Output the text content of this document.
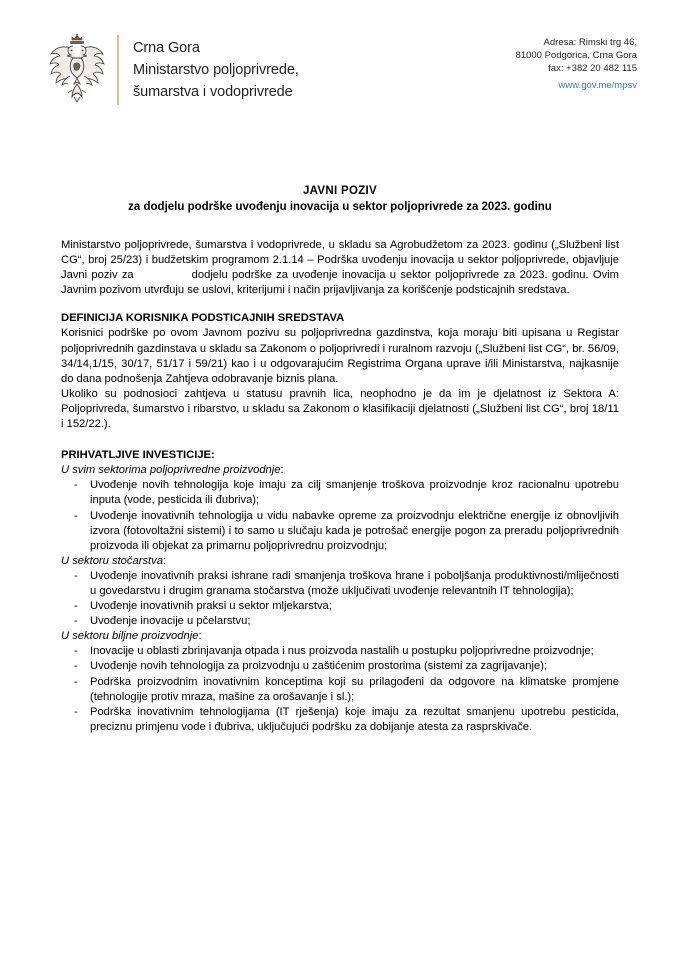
Crna Gora
Ministarstvo poljoprivrede,
šumarstva i vodoprivrede
Adresa: Rimski trg 46,
81000 Podgorica, Crna Gora
fax: +382 20 482 115
www.gov.me/mpsv
JAVNI POZIV
za dodjelu podrške uvođenju inovacija u sektor poljoprivrede za 2023. godinu

Ministarstvo poljoprivrede, šumarstva i vodoprivrede, u skladu sa Agrobudžetom za 2023. godinu („Službeni list CG“, broj 25/23) i budžetskim programom 2.1.14 – Podrška uvođenju inovacija u sektor poljoprivrede, objavljuje Javni poziv za	dodjelu podrške za uvođenje inovacija u sektor poljoprivrede za 2023. godinu. Ovim Javnim pozivom utvrđuju se uslovi, kriterijumi i način prijavljivanja za korišćenje podsticajnih sredstava.

DEFINICIJA KORISNIKA PODSTICAJNIH SREDSTAVA

Korisnici podrške po ovom Javnom pozivu su poljoprivredna gazdinstva, koja moraju biti upisana u Registar poljoprivrednih gazdinstava u skladu sa Zakonom o poljoprivredi i ruralnom razvoju („Službeni list CG“, br. 56/09, 34/14,1/15, 30/17, 51/17 i 59/21) kao i u odgovarajućim Registrima Organa uprave i/ili Ministarstva, najkasnije do dana podnošenja Zahtjeva odobravanje biznis plana.

Ukoliko su podnosioci zahtjeva u statusu pravnih lica, neophodno je da im je djelatnost iz Sektora A: Poljoprivreda, šumarstvo i ribarstvo, u skladu sa Zakonom o klasifikaciji djelatnosti („Službeni list CG“, broj 18/11 i 152/22.).

PRIHVATLJIVE INVESTICIJE:
U svim sektorima poljoprivredne proizvodnje:
- Uvođenje novih tehnologija koje imaju za cilj smanjenje troškova proizvodnje kroz racionalnu upotrebu inputa (vode, pesticida ili đubriva);
- Uvođenje inovativnih tehnologija u vidu nabavke opreme za proizvodnju električne energije iz obnovljivih izvora (fotovoltažni sistemi) i to samo u slučaju kada je potrošač energije pogon za preradu poljoprivrednih proizvoda ili objekat za primarnu poljoprivrednu proizvodnju;
U sektoru stočarstva:
- Uvođenje inovativnih praksi ishrane radi smanjenja troškova hrane i poboljšanja produktivnosti/mliječnosti u govedarstvu i drugim granama stočarstva (može uključivati uvođenje relevantnih IT tehnologija);
- Uvođenje inovativnih praksi u sektor mljekarstva;
- Uvođenje inovacije u pčelarstvu;
U sektoru biljne proizvodnje:
- Inovacije u oblasti zbrinjavanja otpada i nus proizvoda nastalih u postupku poljoprivredne proizvodnje;
- Uvođenje novih tehnologija za proizvodnju u zaštićenim prostorima (sistemi za zagrijavanje);
- Podrška proizvodnim inovativnim konceptima koji su prilagođeni da odgovore na klimatske promjene (tehnologije protiv mraza, mašine za orošavanje i sl.);
- Podrška inovativnim tehnologijama (IT rješenja) koje imaju za rezultat smanjenu upotrebu pesticida, preciznu primjenu vode i đubriva, uključujući podršku za dobijanje atesta za rasprskivače.
